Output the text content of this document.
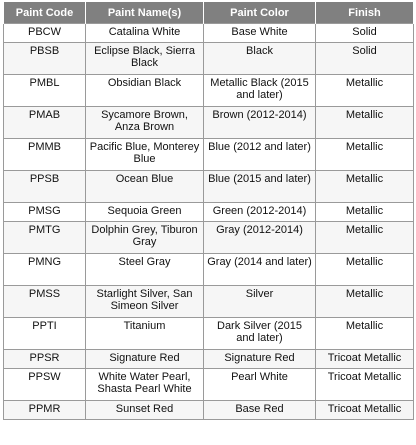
Paint Code	Paint Name(s)	Paint Color	Finish
PBCW	Catalina White	Base White	Solid
PBSB	Eclipse Black, Sierra Black	Black	Solid
PMBL	Obsidian Black	Metallic Black (2015 and later)	Metallic
PMAB	Sycamore Brown, Anza Brown	Brown (2012-2014)	Metallic
PMMB	Pacific Blue, Monterey Blue	Blue (2012 and later)	Metallic
PPSB	Ocean Blue	Blue (2015 and later)	Metallic
PMSG	Sequoia Green	Green (2012-2014)	Metallic
PMTG	Dolphin Grey, Tiburon Gray	Gray (2012-2014)	Metallic
PMNG	Steel Gray	Gray (2014 and later)	Metallic
PMSS	Starlight Silver, San Simeon Silver	Silver	Metallic
PPTI	Titanium	Dark Silver (2015 and later)	Metallic
PPSR	Signature Red	Signature Red	Tricoat Metallic
PPSW	White Water Pearl, Shasta Pearl White	Pearl White	Tricoat Metallic
PPMR	Sunset Red	Base Red	Tricoat Metallic
